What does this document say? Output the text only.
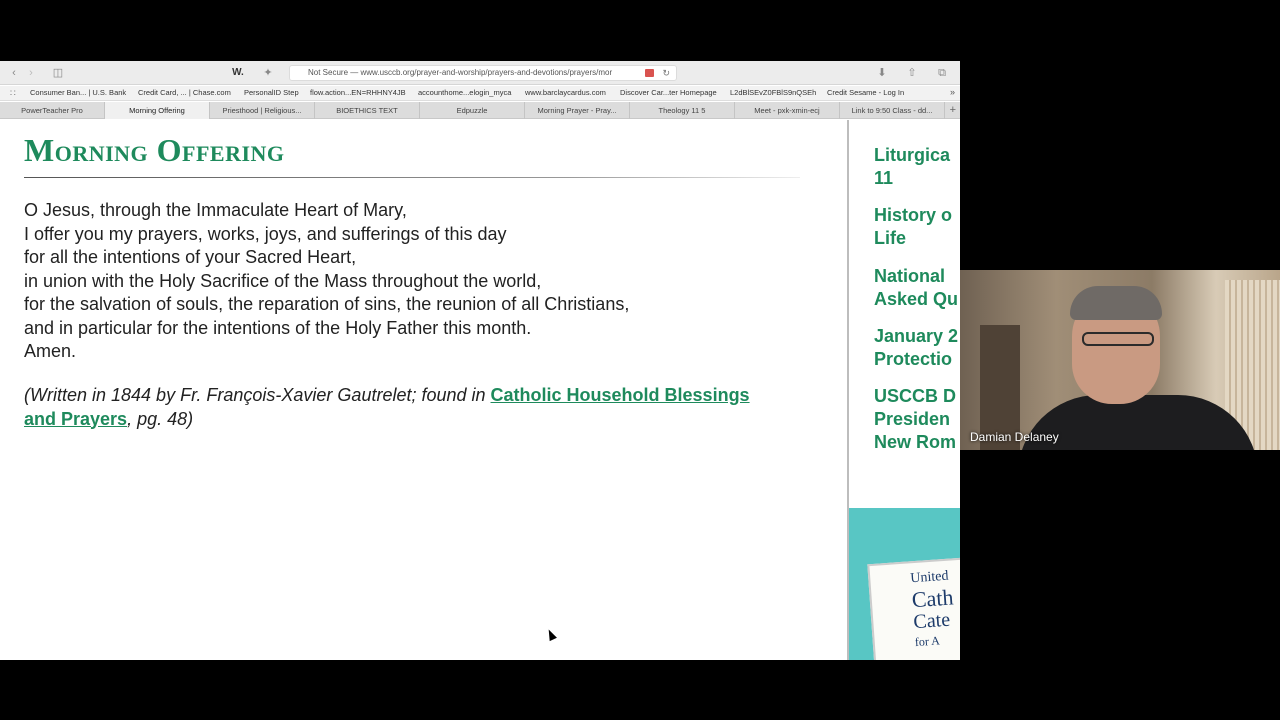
‹	›	◫	W. ✦	Not Secure — www.usccb.org/prayer-and-worship/prayers-and-devotions/prayers/mor	↻	⬇ ⇧ ⧉
∷ Consumer Ban... | U.S. Bank Credit Card, ... | Chase.com PersonalID Step flow.action...EN=RHHNY4JB accounthome...elogin_myca www.barclaycardus.com Discover Car...ter Homepage L2dBlSEvZ0FBlS9nQSEh Credit Sesame - Log In	»
PowerTeacher Pro	Morning Offering	Priesthood | Religious...	BIOETHICS TEXT	Edpuzzle	Morning Prayer - Pray...	Theology 11 5	Meet - pxk-xmin-ecj	Link to 9:50 Class - dd...	+
Morning Offering
O Jesus, through the Immaculate Heart of Mary,
I offer you my prayers, works, joys, and sufferings of this day
for all the intentions of your Sacred Heart,
in union with the Holy Sacrifice of the Mass throughout the world,
for the salvation of souls, the reparation of sins, the reunion of all Christians,
and in particular for the intentions of the Holy Father this month.
Amen.

(Written in 1844 by Fr. François-Xavier Gautrelet; found in Catholic Household Blessings and Prayers, pg. 48)

Liturgica
11
History o
Life
National
Asked Qu
January 2
Protectio
USCCB D
Presiden
New Rom
United
Cath
Cate
for A
Damian Delaney
